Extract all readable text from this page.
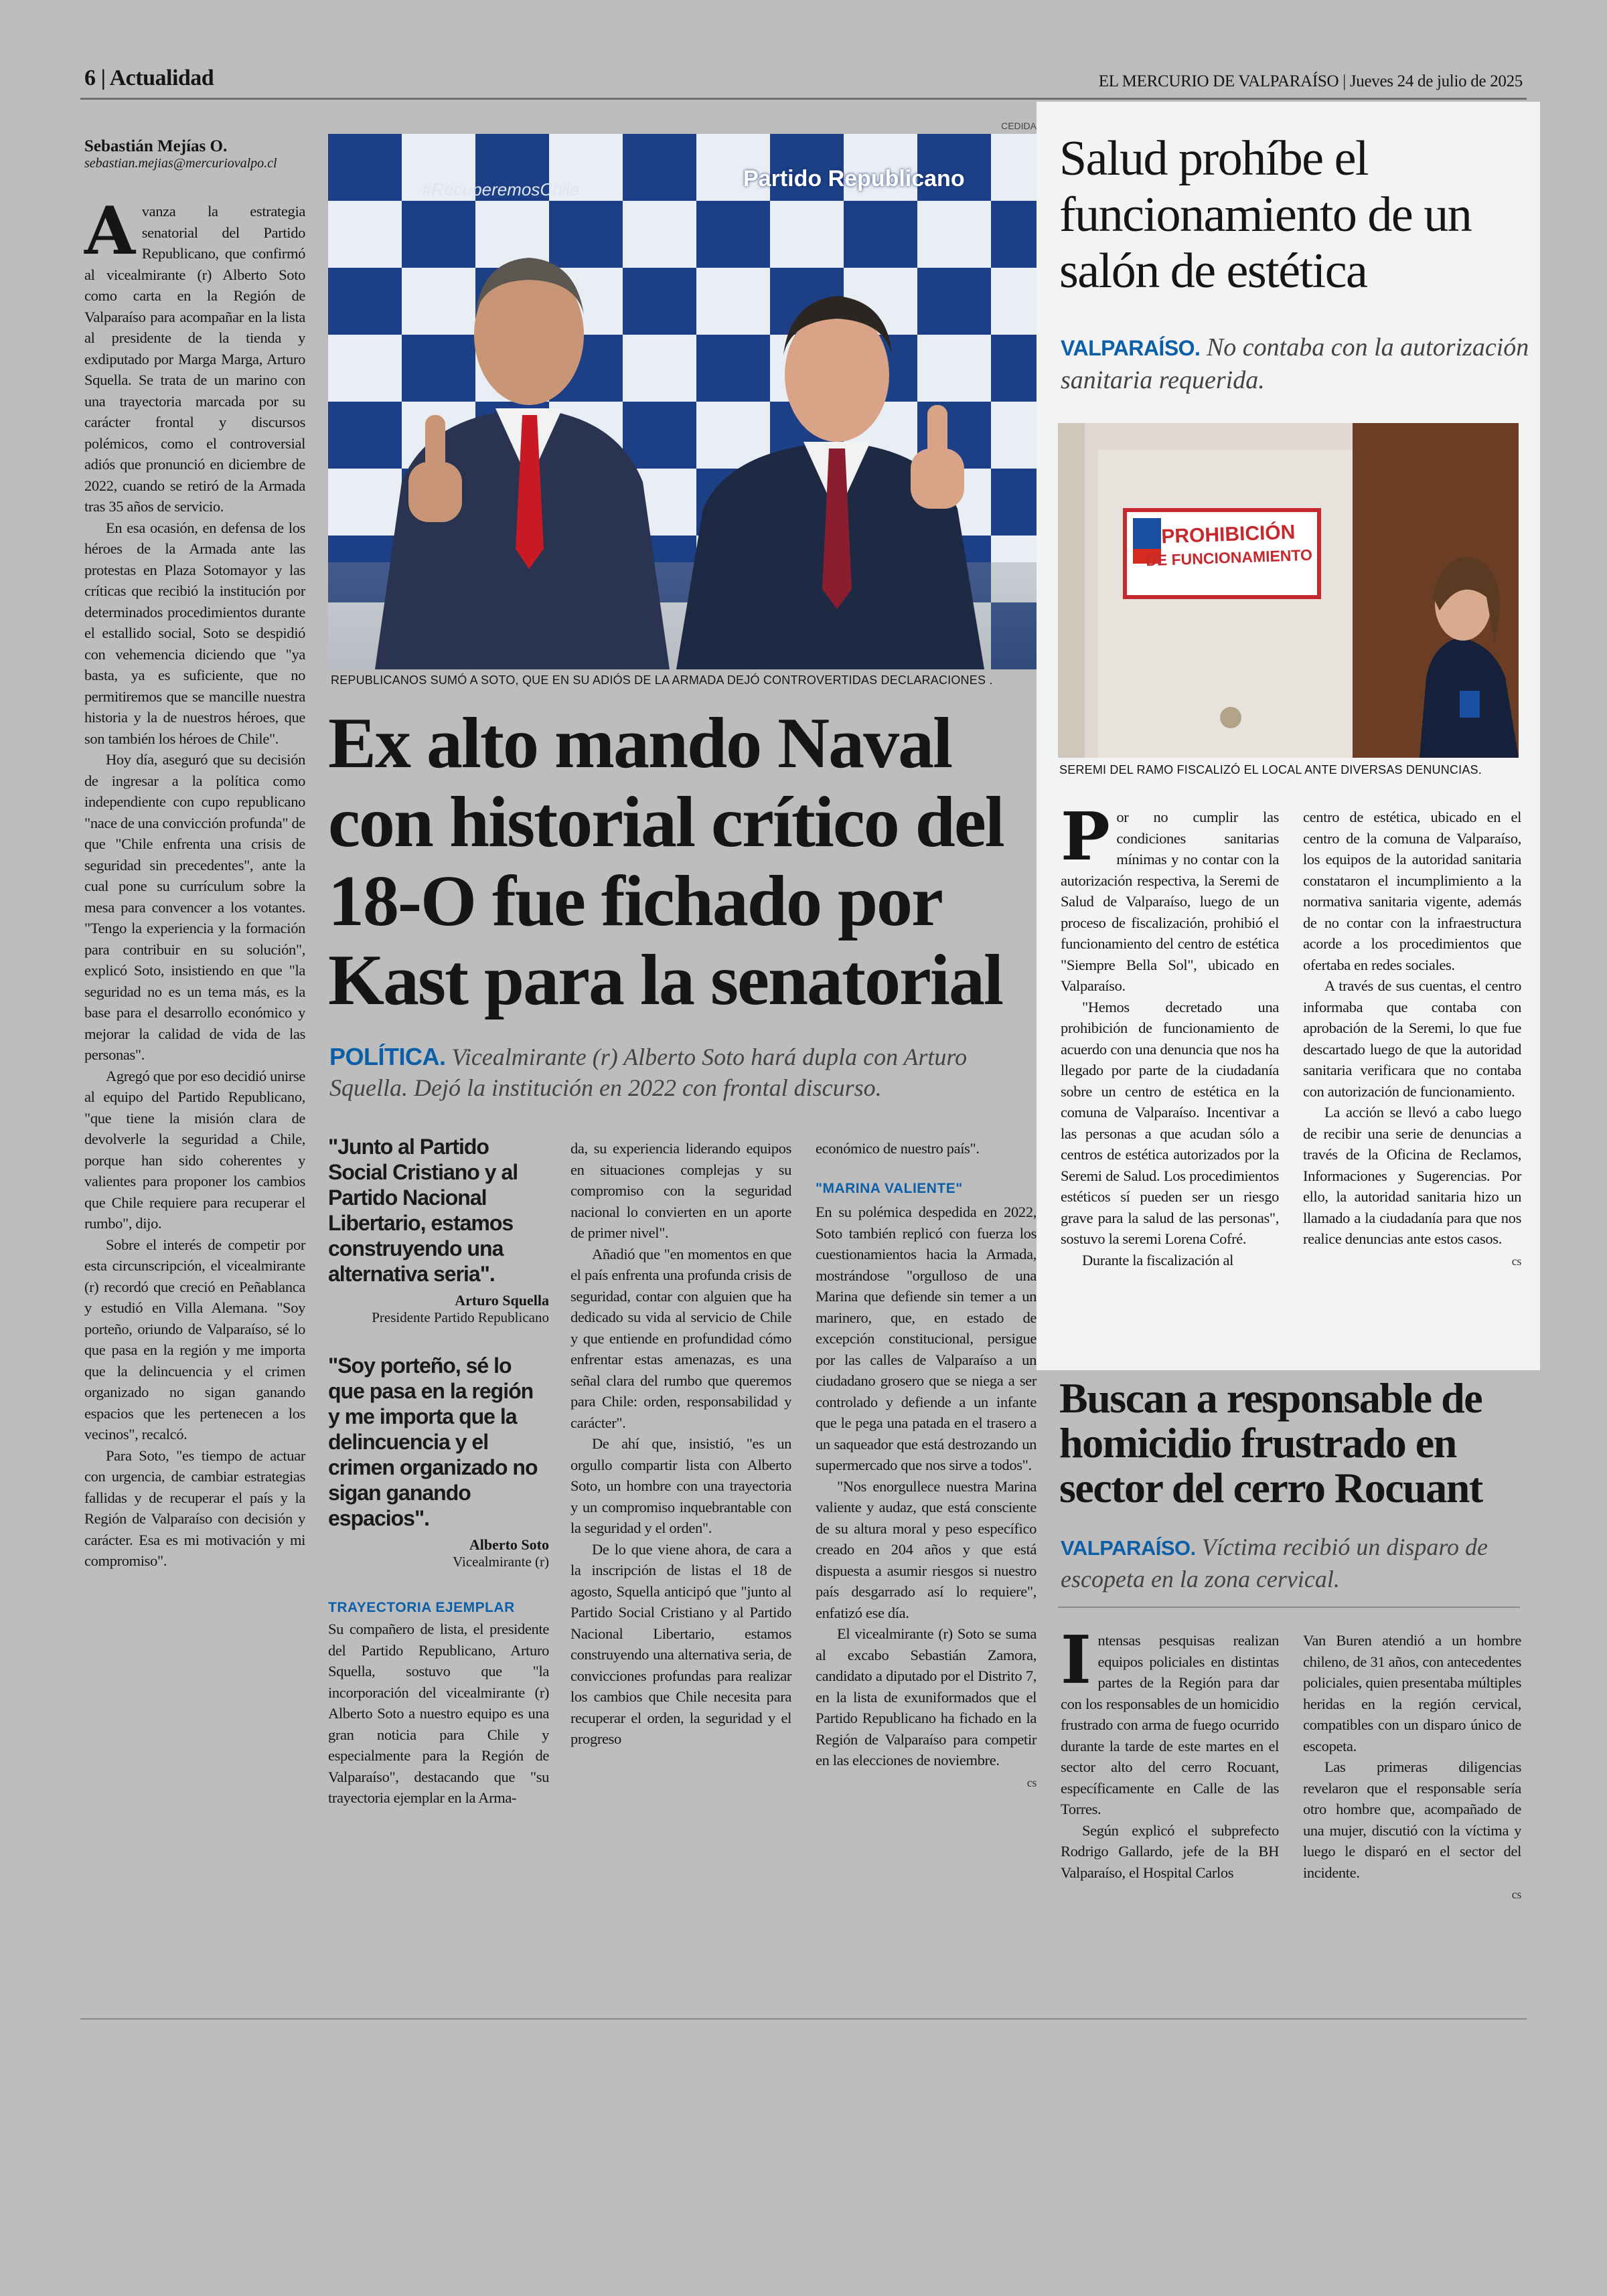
6 | Actualidad	EL MERCURIO DE VALPARAÍSO | Jueves 24 de julio de 2025
Sebastián Mejías O.
sebastian.mejias@mercuriovalpo.cl
A vanza la estrategia senatorial del Partido Republicano, que confirmó al vicealmirante (r) Alberto Soto como carta en la Región de Valparaíso para acompañar en la lista al presidente de la tienda y exdiputado por Marga Marga, Arturo Squella. Se trata de un marino con una trayectoria marcada por su carácter frontal y discursos polémicos, como el controversial adiós que pronunció en diciembre de 2022, cuando se retiró de la Armada tras 35 años de servicio.

En esa ocasión, en defensa de los héroes de la Armada ante las protestas en Plaza Sotomayor y las críticas que recibió la institución por determinados procedimientos durante el estallido social, Soto se despidió con vehemencia diciendo que "ya basta, ya es suficiente, que no permitiremos que se mancille nuestra historia y la de nuestros héroes, que son también los héroes de Chile".

Hoy día, aseguró que su decisión de ingresar a la política como independiente con cupo republicano "nace de una convicción profunda" de que "Chile enfrenta una crisis de seguridad sin precedentes", ante la cual pone su currículum sobre la mesa para convencer a los votantes. "Tengo la experiencia y la formación para contribuir en su solución", explicó Soto, insistiendo en que "la seguridad no es un tema más, es la base para el desarrollo económico y mejorar la calidad de vida de las personas".

Agregó que por eso decidió unirse al equipo del Partido Republicano, "que tiene la misión clara de devolverle la seguridad a Chile, porque han sido coherentes y valientes para proponer los cambios que Chile requiere para recuperar el rumbo", dijo.

Sobre el interés de competir por esta circunscripción, el vicealmirante (r) recordó que creció en Peñablanca y estudió en Villa Alemana. "Soy porteño, oriundo de Valparaíso, sé lo que pasa en la región y me importa que la delincuencia y el crimen organizado no sigan ganando espacios que les pertenecen a los vecinos", recalcó.

Para Soto, "es tiempo de actuar con urgencia, de cambiar estrategias fallidas y de recuperar el país y la Región de Valparaíso con decisión y carácter. Esa es mi motivación y mi compromiso".

CEDIDA
Partido Republicano
#RecuperemosChile
REPUBLICANOS SUMÓ A SOTO, QUE EN SU ADIÓS DE LA ARMADA DEJÓ CONTROVERTIDAS DECLARACIONES .
Ex alto mando Naval con historial crítico del 18-O fue fichado por Kast para la senatorial
POLÍTICA. Vicealmirante (r) Alberto Soto hará dupla con Arturo Squella. Dejó la institución en 2022 con frontal discurso.
"Junto al Partido Social Cristiano y al Partido Nacional Libertario, estamos construyendo una alternativa seria".
Arturo Squella
Presidente Partido Republicano
"Soy porteño, sé lo que pasa en la región y me importa que la delincuencia y el crimen organizado no sigan ganando espacios".
Alberto Soto
Vicealmirante (r)
TRAYECTORIA EJEMPLAR

Su compañero de lista, el presidente del Partido Republicano, Arturo Squella, sostuvo que "la incorporación del vicealmirante (r) Alberto Soto a nuestro equipo es una gran noticia para Chile y especialmente para la Región de Valparaíso", destacando que "su trayectoria ejemplar en la Arma-

da, su experiencia liderando equipos en situaciones complejas y su compromiso con la seguridad nacional lo convierten en un aporte de primer nivel".

Añadió que "en momentos en que el país enfrenta una profunda crisis de seguridad, contar con alguien que ha dedicado su vida al servicio de Chile y que entiende en profundidad cómo enfrentar estas amenazas, es una señal clara del rumbo que queremos para Chile: orden, responsabilidad y carácter".

De ahí que, insistió, "es un orgullo compartir lista con Alberto Soto, un hombre con una trayectoria y un compromiso inquebrantable con la seguridad y el orden".

De lo que viene ahora, de cara a la inscripción de listas el 18 de agosto, Squella anticipó que "junto al Partido Social Cristiano y al Partido Nacional Libertario, estamos construyendo una alternativa seria, de convicciones profundas para realizar los cambios que Chile necesita para recuperar el orden, la seguridad y el progreso

económico de nuestro país".

"MARINA VALIENTE"

En su polémica despedida en 2022, Soto también replicó con fuerza los cuestionamientos hacia la Armada, mostrándose "orgulloso de una Marina que defiende sin temer a un marinero, que, en estado de excepción constitucional, persigue por las calles de Valparaíso a un ciudadano grosero que se niega a ser controlado y defiende a un infante que le pega una patada en el trasero a un saqueador que está destrozando un supermercado que nos sirve a todos".

"Nos enorgullece nuestra Marina valiente y audaz, que está consciente de su altura moral y peso específico creado en 204 años y que está dispuesta a asumir riesgos si nuestro país desgarrado así lo requiere", enfatizó ese día.

El vicealmirante (r) Soto se suma al excabo Sebastián Zamora, candidato a diputado por el Distrito 7, en la lista de exuniformados que el Partido Republicano ha fichado en la Región de Valparaíso para competir en las elecciones de noviembre.

cs
Salud prohíbe el funcionamiento de un salón de estética
VALPARAÍSO. No contaba con la autorización sanitaria requerida.
PROHIBICIÓN
DE FUNCIONAMIENTO
SEREMI DEL RAMO FISCALIZÓ EL LOCAL ANTE DIVERSAS DENUNCIAS.
P or no cumplir las condiciones sanitarias mínimas y no contar con la autorización respectiva, la Seremi de Salud de Valparaíso, luego de un proceso de fiscalización, prohibió el funcionamiento del centro de estética "Siempre Bella Sol", ubicado en Valparaíso.

"Hemos decretado una prohibición de funcionamiento de acuerdo con una denuncia que nos ha llegado por parte de la ciudadanía sobre un centro de estética en la comuna de Valparaíso. Incentivar a las personas a que acudan sólo a centros de estética autorizados por la Seremi de Salud. Los procedimientos estéticos sí pueden ser un riesgo grave para la salud de las personas", sostuvo la seremi Lorena Cofré.

Durante la fiscalización al

centro de estética, ubicado en el centro de la comuna de Valparaíso, los equipos de la autoridad sanitaria constataron el incumplimiento a la normativa sanitaria vigente, además de no contar con la infraestructura acorde a los procedimientos que ofertaba en redes sociales.

A través de sus cuentas, el centro informaba que contaba con aprobación de la Seremi, lo que fue descartado luego de que la autoridad sanitaria verificara que no contaba con autorización de funcionamiento.

La acción se llevó a cabo luego de recibir una serie de denuncias a través de la Oficina de Reclamos, Informaciones y Sugerencias. Por ello, la autoridad sanitaria hizo un llamado a la ciudadanía para que nos realice denuncias ante estos casos.

cs
Buscan a responsable de homicidio frustrado en sector del cerro Rocuant
VALPARAÍSO. Víctima recibió un disparo de escopeta en la zona cervical.
I ntensas pesquisas realizan equipos policiales en distintas partes de la Región para dar con los responsables de un homicidio frustrado con arma de fuego ocurrido durante la tarde de este martes en el sector alto del cerro Rocuant, específicamente en Calle de las Torres.

Según explicó el subprefecto Rodrigo Gallardo, jefe de la BH Valparaíso, el Hospital Carlos

Van Buren atendió a un hombre chileno, de 31 años, con antecedentes policiales, quien presentaba múltiples heridas en la región cervical, compatibles con un disparo único de escopeta.

Las primeras diligencias revelaron que el responsable sería otro hombre que, acompañado de una mujer, discutió con la víctima y luego le disparó en el sector del incidente.

cs
